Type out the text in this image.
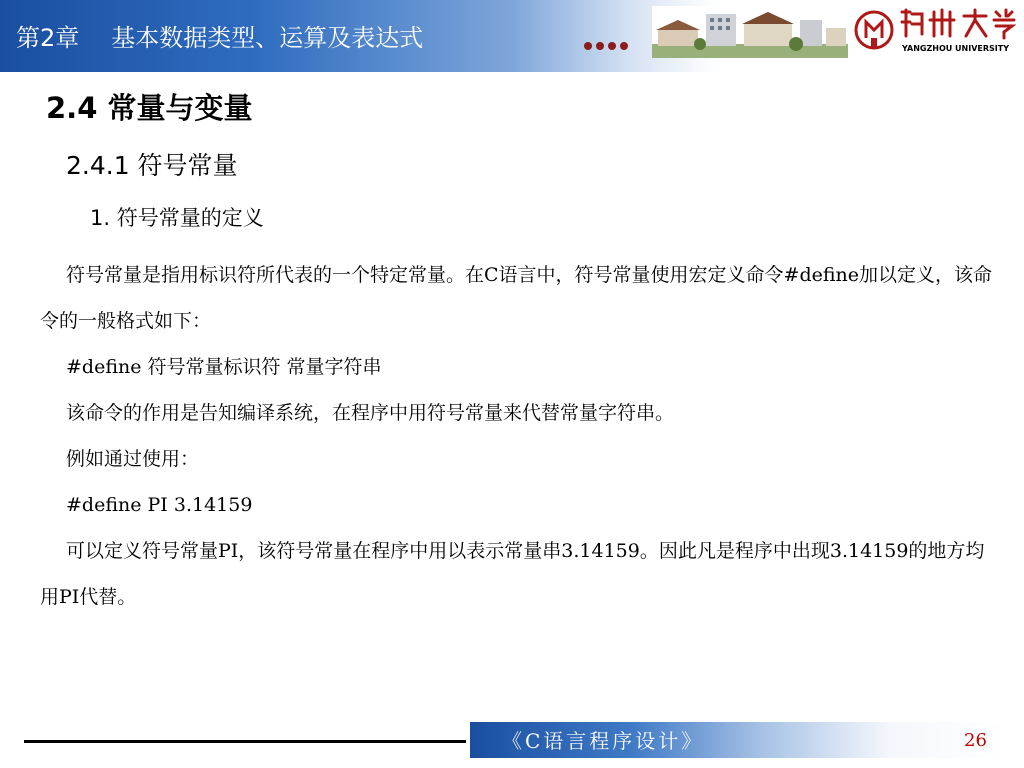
第2章 基本数据类型、运算及表达式	YANGZHOU UNIVERSITY
2.4 常量与变量
2.4.1 符号常量
1. 符号常量的定义

符号常量是指用标识符所代表的一个特定常量。在C语言中，符号常量使用宏定义命令#define加以定义，该命令的一般格式如下：

#define 符号常量标识符 常量字符串

该命令的作用是告知编译系统，在程序中用符号常量来代替常量字符串。

例如通过使用：

#define PI 3.14159

可以定义符号常量PI，该符号常量在程序中用以表示常量串3.14159。因此凡是程序中出现3.14159的地方均用PI代替。

《C语言程序设计》	26
